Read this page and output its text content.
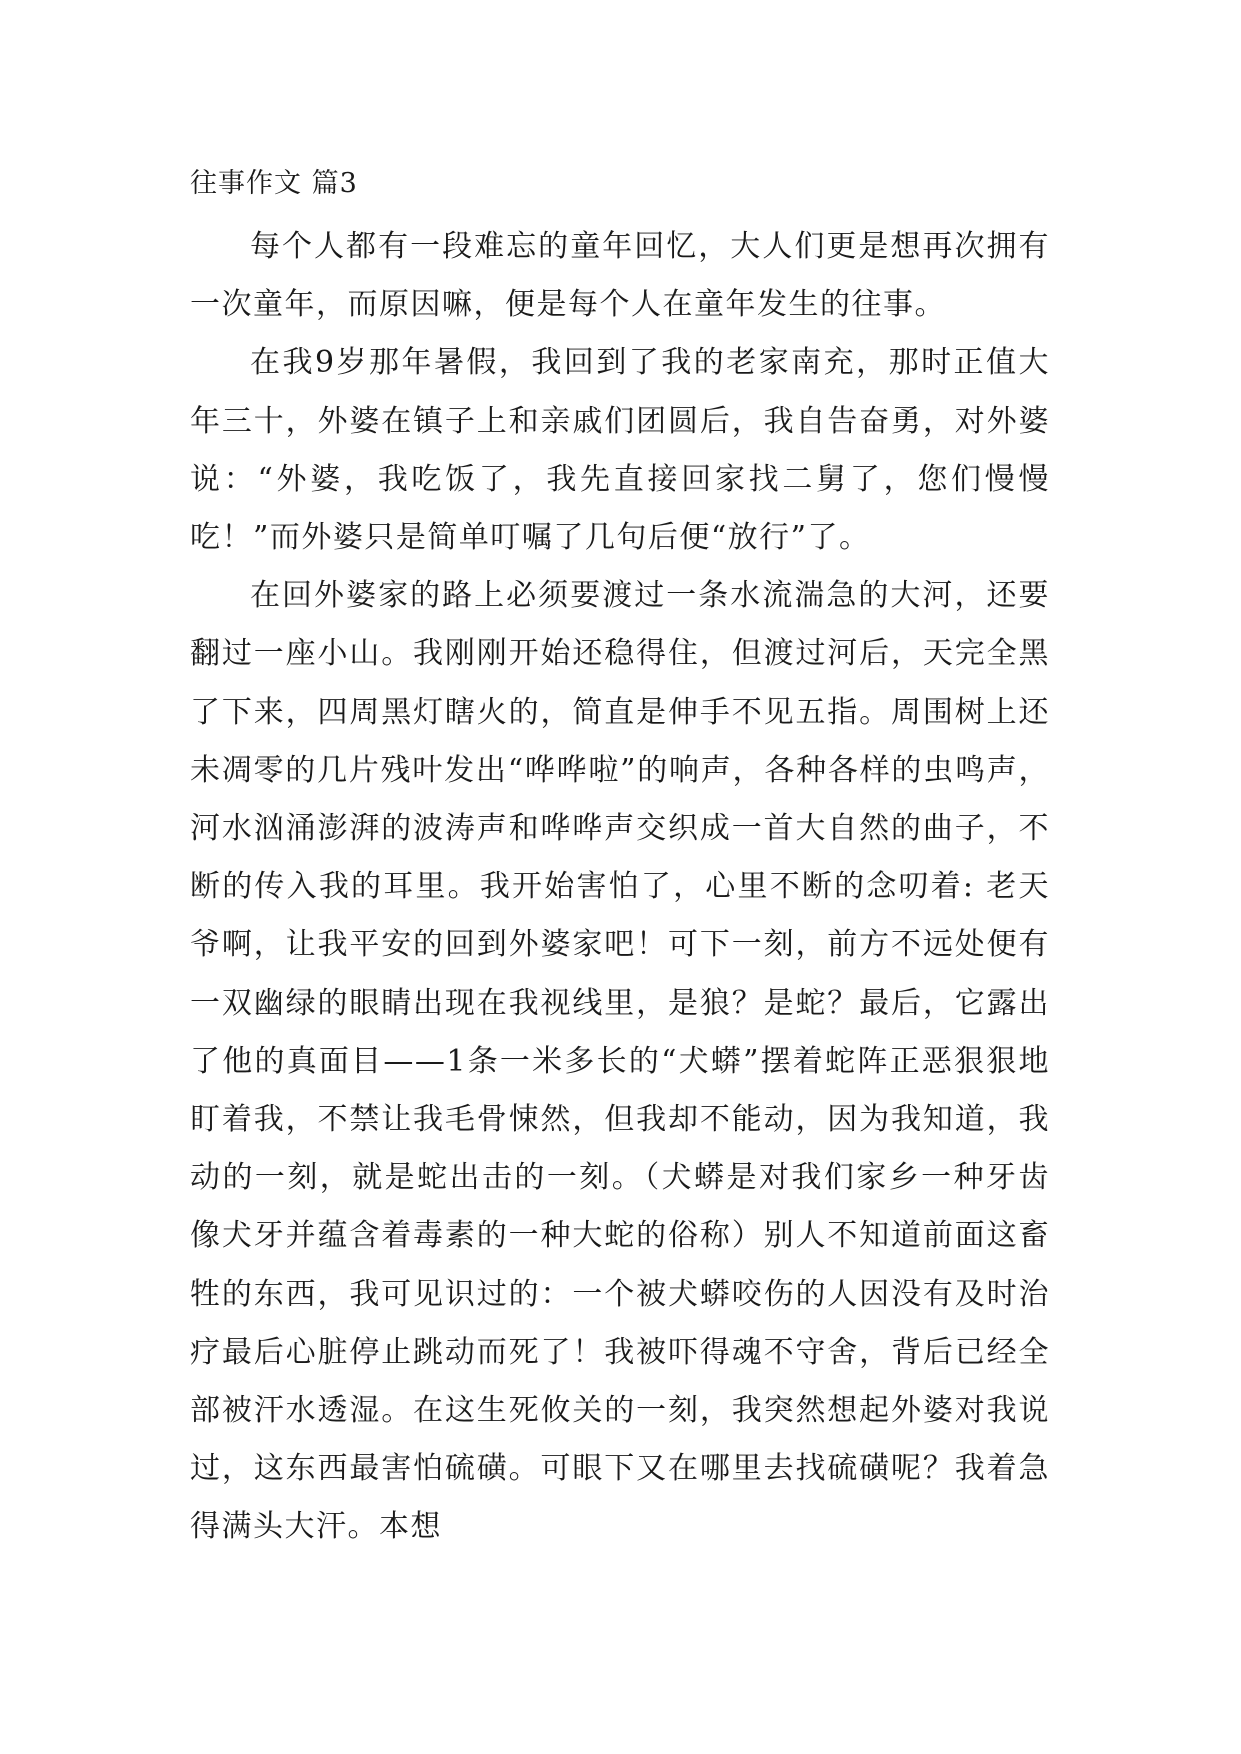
往事作文 篇3

每个人都有一段难忘的童年回忆，大人们更是想再次拥有一次童年，而原因嘛，便是每个人在童年发生的往事。

在我9岁那年暑假，我回到了我的老家南充，那时正值大年三十，外婆在镇子上和亲戚们团圆后，我自告奋勇，对外婆说：“外婆，我吃饭了，我先直接回家找二舅了，您们慢慢吃！”而外婆只是简单叮嘱了几句后便“放行”了。

在回外婆家的路上必须要渡过一条水流湍急的大河，还要翻过一座小山。我刚刚开始还稳得住，但渡过河后，天完全黑了下来，四周黑灯瞎火的，简直是伸手不见五指。周围树上还未凋零的几片残叶发出“哗哗啦”的响声，各种各样的虫鸣声，河水汹涌澎湃的波涛声和哗哗声交织成一首大自然的曲子，不断的传入我的耳里。我开始害怕了，心里不断的念叨着: 老天爷啊，让我平安的回到外婆家吧！可下一刻，前方不远处便有一双幽绿的眼睛出现在我视线里，是狼？是蛇？最后，它露出了他的真面目——1条一米多长的“犬蟒”摆着蛇阵正恶狠狠地盯着我，不禁让我毛骨悚然，但我却不能动，因为我知道，我动的一刻，就是蛇出击的一刻。（犬蟒是对我们家乡一种牙齿像犬牙并蕴含着毒素的一种大蛇的俗称）别人不知道前面这畜牲的东西，我可见识过的：一个被犬蟒咬伤的人因没有及时治疗最后心脏停止跳动而死了！我被吓得魂不守舍，背后已经全部被汗水透湿。在这生死攸关的一刻，我突然想起外婆对我说过，这东西最害怕硫磺。可眼下又在哪里去找硫磺呢？我着急得满头大汗。本想
